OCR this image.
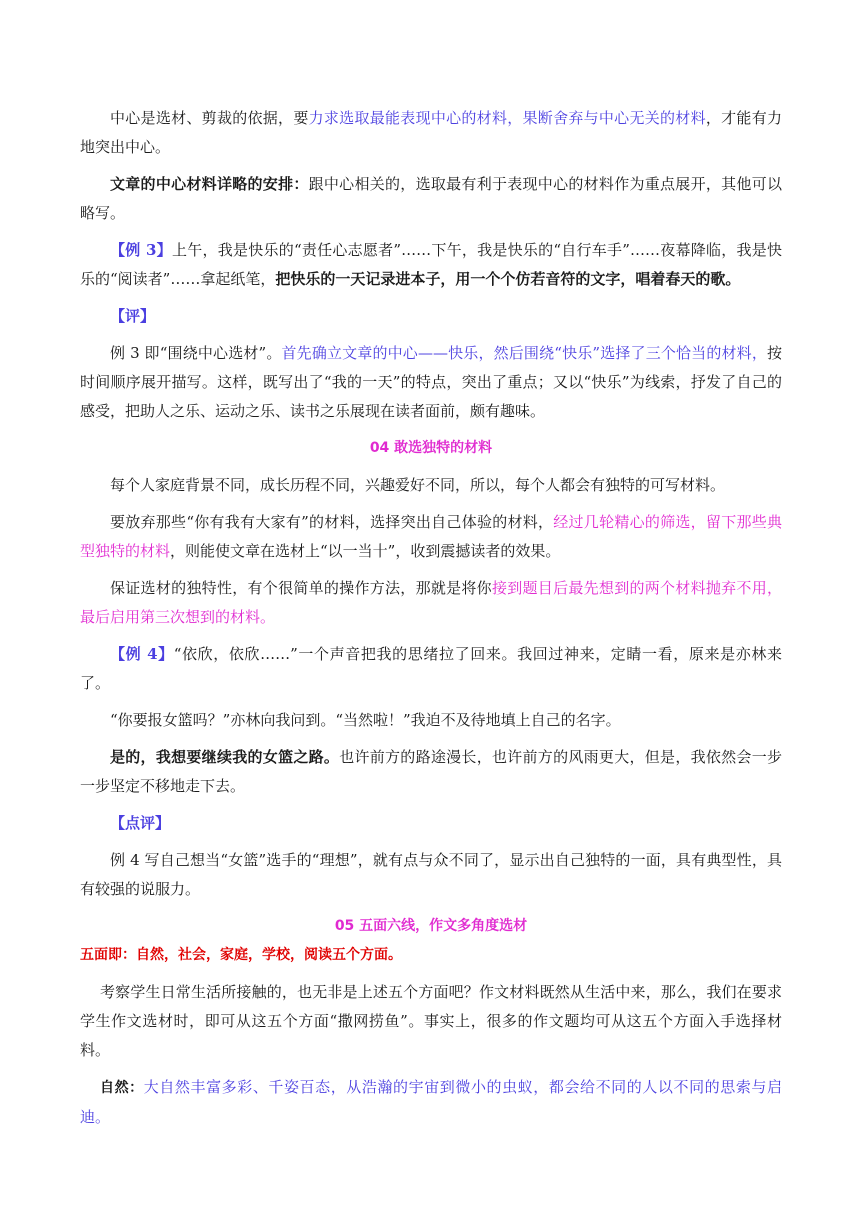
中心是选材、剪裁的依据，要力求选取最能表现中心的材料，果断舍弃与中心无关的材料，才能有力地突出中心。

文章的中心材料详略的安排：跟中心相关的，选取最有利于表现中心的材料作为重点展开，其他可以略写。

【例 3】上午，我是快乐的“责任心志愿者”……下午，我是快乐的“自行车手”……夜幕降临，我是快乐的“阅读者”……拿起纸笔，把快乐的一天记录进本子，用一个个仿若音符的文字，唱着春天的歌。

【评】

例 3 即“围绕中心选材”。首先确立文章的中心——快乐，然后围绕“快乐”选择了三个恰当的材料，按时间顺序展开描写。这样，既写出了“我的一天”的特点，突出了重点；又以“快乐”为线索，抒发了自己的感受，把助人之乐、运动之乐、读书之乐展现在读者面前，颇有趣味。

04 敢选独特的材料

每个人家庭背景不同，成长历程不同，兴趣爱好不同，所以，每个人都会有独特的可写材料。

要放弃那些“你有我有大家有”的材料，选择突出自己体验的材料，经过几轮精心的筛选，留下那些典型独特的材料，则能使文章在选材上“以一当十”，收到震撼读者的效果。

保证选材的独特性，有个很简单的操作方法，那就是将你接到题目后最先想到的两个材料抛弃不用，最后启用第三次想到的材料。

【例 4】“依欣，依欣……”一个声音把我的思绪拉了回来。我回过神来，定睛一看，原来是亦林来了。

“你要报女篮吗？”亦林向我问到。“当然啦！”我迫不及待地填上自己的名字。

是的，我想要继续我的女篮之路。也许前方的路途漫长，也许前方的风雨更大，但是，我依然会一步一步坚定不移地走下去。

【点评】

例 4 写自己想当“女篮”选手的“理想”，就有点与众不同了，显示出自己独特的一面，具有典型性，具有较强的说服力。

05 五面六线，作文多角度选材

五面即：自然，社会，家庭，学校，阅读五个方面。

考察学生日常生活所接触的，也无非是上述五个方面吧？作文材料既然从生活中来，那么，我们在要求学生作文选材时，即可从这五个方面“撒网捞鱼”。事实上，很多的作文题均可从这五个方面入手选择材料。

自然：大自然丰富多彩、千姿百态，从浩瀚的宇宙到微小的虫蚁，都会给不同的人以不同的思索与启迪。
